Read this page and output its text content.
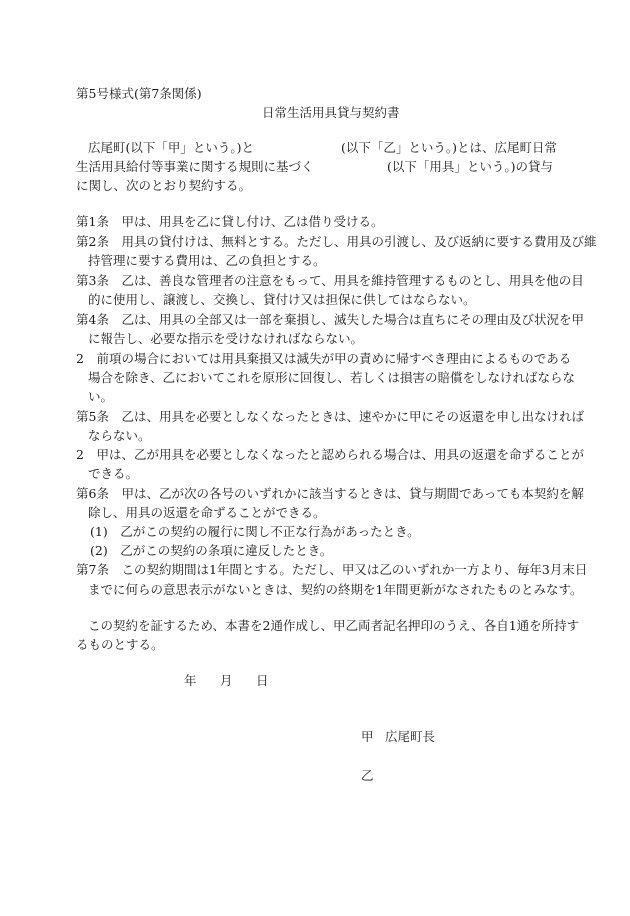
第5号様式(第7条関係)
日常生活用具貸与契約書
広尾町(以下「甲」という。)と	(以下「乙」という。)とは、広尾町日常
生活用具給付等事業に関する規則に基づく	(以下「用具」という。)の貸与
に関し、次のとおり契約する。
第1条　甲は、用具を乙に貸し付け、乙は借り受ける。
第2条　用具の貸付けは、無料とする。ただし、用具の引渡し、及び返納に要する費用及び維
持管理に要する費用は、乙の負担とする。
第3条　乙は、善良な管理者の注意をもって、用具を維持管理するものとし、用具を他の目
的に使用し、譲渡し、交換し、貸付け又は担保に供してはならない。
第4条　乙は、用具の全部又は一部を棄損し、滅失した場合は直ちにその理由及び状況を甲
に報告し、必要な指示を受けなければならない。
2　前項の場合においては用具棄損又は滅失が甲の責めに帰すべき理由によるものである
場合を除き、乙においてこれを原形に回復し、若しくは損害の賠償をしなければならな
い。
第5条　乙は、用具を必要としなくなったときは、速やかに甲にその返還を申し出なければ
ならない。
2　甲は、乙が用具を必要としなくなったと認められる場合は、用具の返還を命ずることが
できる。
第6条　甲は、乙が次の各号のいずれかに該当するときは、貸与期間であっても本契約を解
除し、用具の返還を命ずることができる。
(1)　乙がこの契約の履行に関し不正な行為があったとき。
(2)　乙がこの契約の条項に違反したとき。
第7条　この契約期間は1年間とする。ただし、甲又は乙のいずれか一方より、毎年3月末日
までに何らの意思表示がないときは、契約の終期を1年間更新がなされたものとみなす。
この契約を証するため、本書を2通作成し、甲乙両者記名押印のうえ、各自1通を所持す
るものとする。
年 月 日
甲 広尾町長
乙
